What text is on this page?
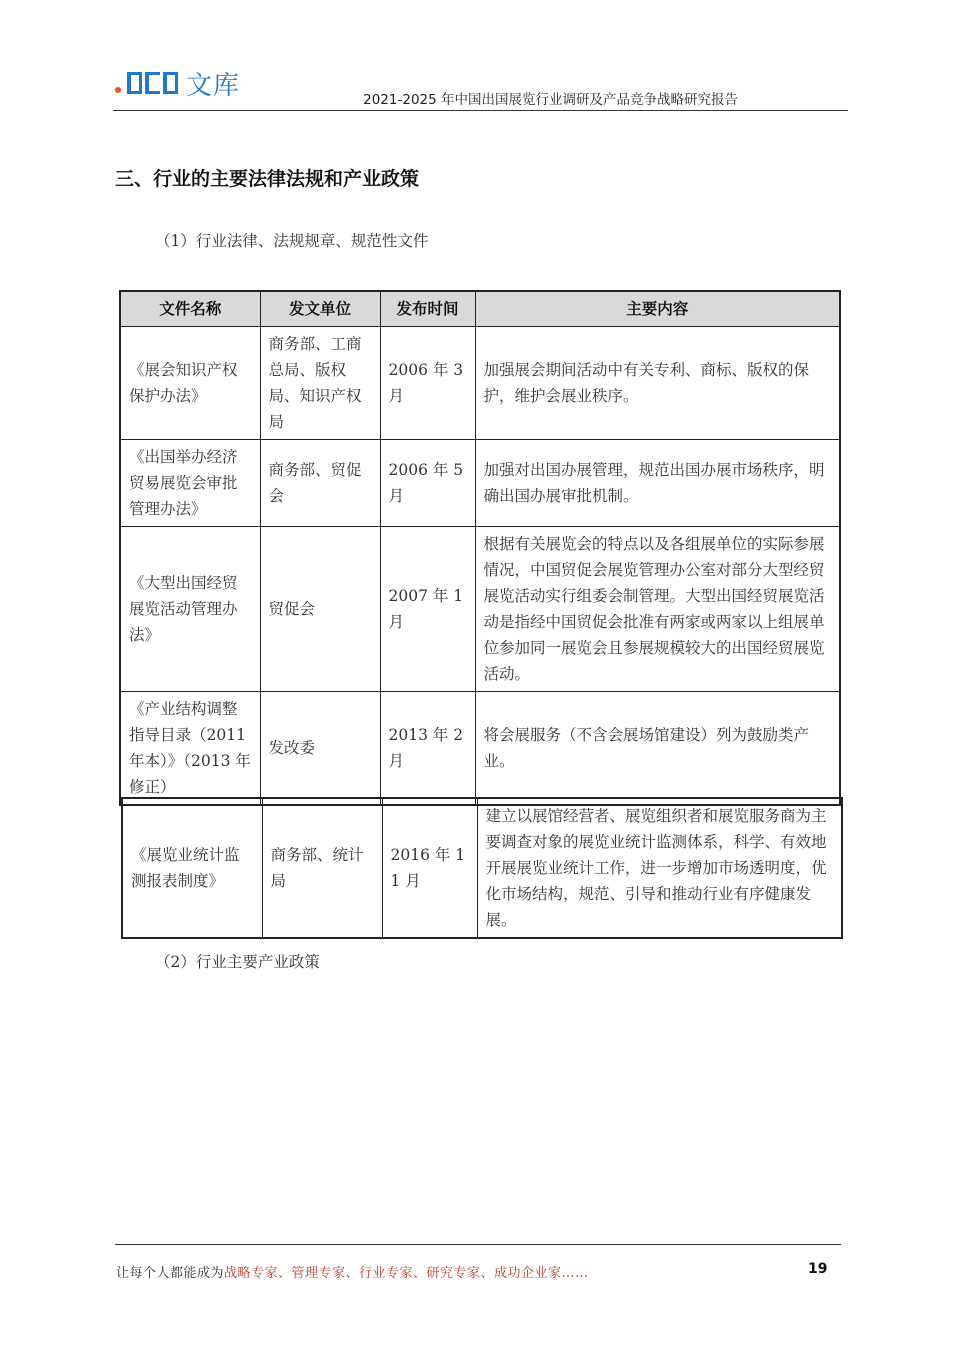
文库	2021-2025 年中国出国展览行业调研及产品竞争战略研究报告
三、行业的主要法律法规和产业政策
（1）行业法律、法规规章、规范性文件
文件名称	发文单位	发布时间	主要内容
《展会知识产权保护办法》	商务部、工商总局、版权局、知识产权局	2006 年 3 月	加强展会期间活动中有关专利、商标、版权的保护，维护会展业秩序。
《出国举办经济贸易展览会审批管理办法》	商务部、贸促会	2006 年 5 月	加强对出国办展管理，规范出国办展市场秩序，明确出国办展审批机制。
《大型出国经贸展览活动管理办法》	贸促会	2007 年 1 月	根据有关展览会的特点以及各组展单位的实际参展情况，中国贸促会展览管理办公室对部分大型经贸展览活动实行组委会制管理。大型出国经贸展览活动是指经中国贸促会批准有两家或两家以上组展单位参加同一展览会且参展规模较大的出国经贸展览活动。
《产业结构调整指导目录（2011 年本）》（2013 年修正）	发改委	2013 年 2 月	将会展服务（不含会展场馆建设）列为鼓励类产业。
《展览业统计监测报表制度》	商务部、统计局	2016 年 11 月	建立以展馆经营者、展览组织者和展览服务商为主要调查对象的展览业统计监测体系，科学、有效地开展展览业统计工作，进一步增加市场透明度，优化市场结构，规范、引导和推动行业有序健康发展。
（2）行业主要产业政策
让每个人都能成为战略专家、管理专家、行业专家、研究专家、成功企业家……	19
